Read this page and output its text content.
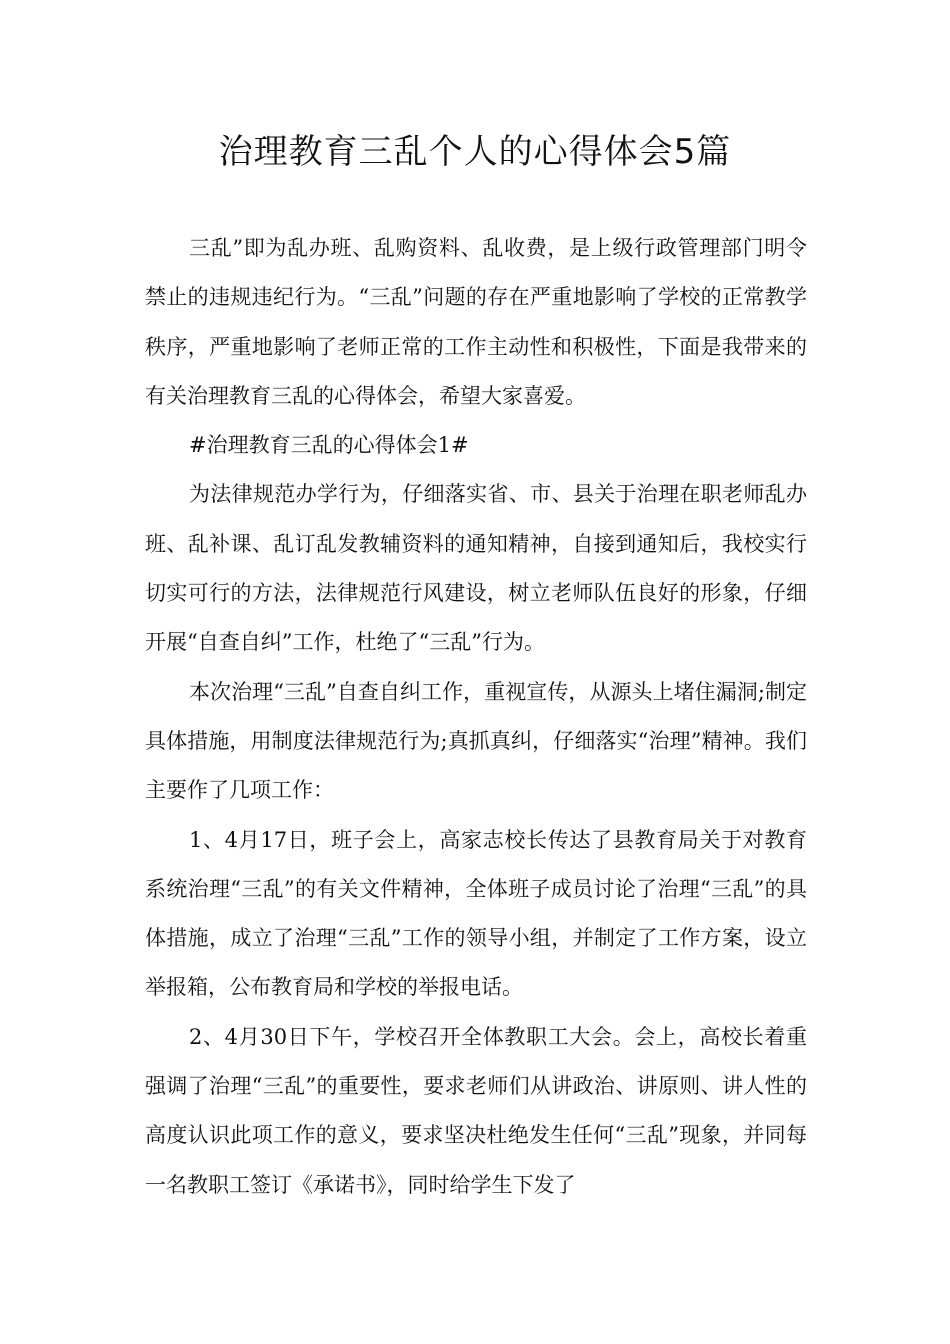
治理教育三乱个人的心得体会5篇

三乱”即为乱办班、乱购资料、乱收费，是上级行政管理部门明令禁止的违规违纪行为。“三乱”问题的存在严重地影响了学校的正常教学秩序，严重地影响了老师正常的工作主动性和积极性，下面是我带来的有关治理教育三乱的心得体会，希望大家喜爱。

#治理教育三乱的心得体会1#

为法律规范办学行为，仔细落实省、市、县关于治理在职老师乱办班、乱补课、乱订乱发教辅资料的通知精神，自接到通知后，我校实行切实可行的方法，法律规范行风建设，树立老师队伍良好的形象，仔细开展“自查自纠”工作，杜绝了“三乱”行为。

本次治理“三乱”自查自纠工作，重视宣传，从源头上堵住漏洞;制定具体措施，用制度法律规范行为;真抓真纠，仔细落实“治理”精神。我们主要作了几项工作：

1、4月17日，班子会上，高家志校长传达了县教育局关于对教育系统治理“三乱”的有关文件精神，全体班子成员讨论了治理“三乱”的具体措施，成立了治理“三乱”工作的领导小组，并制定了工作方案，设立举报箱，公布教育局和学校的举报电话。

2、4月30日下午，学校召开全体教职工大会。会上，高校长着重强调了治理“三乱”的重要性，要求老师们从讲政治、讲原则、讲人性的高度认识此项工作的意义，要求坚决杜绝发生任何“三乱”现象，并同每一名教职工签订《承诺书》，同时给学生下发了
